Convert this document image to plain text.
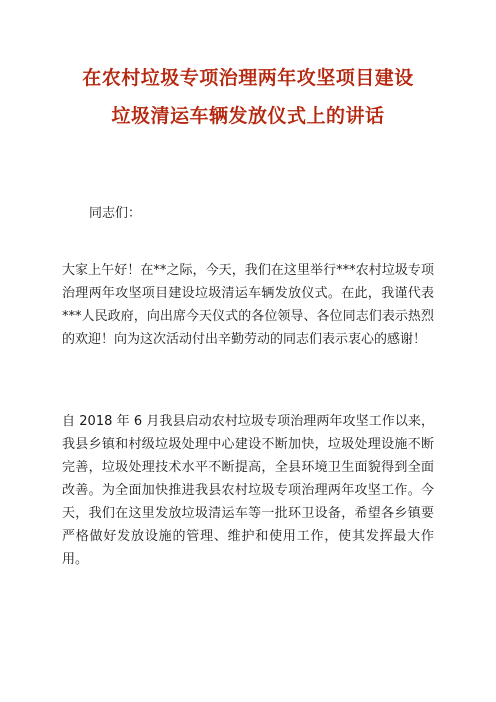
在农村垃圾专项治理两年攻坚项目建设
垃圾清运车辆发放仪式上的讲话
同志们：
大家上午好！在**之际，今天，我们在这里举行***农村垃圾专项治理两年攻坚项目建设垃圾清运车辆发放仪式。在此，我谨代表***人民政府，向出席今天仪式的各位领导、各位同志们表示热烈的欢迎！向为这次活动付出辛勤劳动的同志们表示衷心的感谢！
自 2018 年 6 月我县启动农村垃圾专项治理两年攻坚工作以来，我县乡镇和村级垃圾处理中心建设不断加快，垃圾处理设施不断完善，垃圾处理技术水平不断提高，全县环境卫生面貌得到全面改善。为全面加快推进我县农村垃圾专项治理两年攻坚工作。今天，我们在这里发放垃圾清运车等一批环卫设备，希望各乡镇要严格做好发放设施的管理、维护和使用工作，使其发挥最大作用。
